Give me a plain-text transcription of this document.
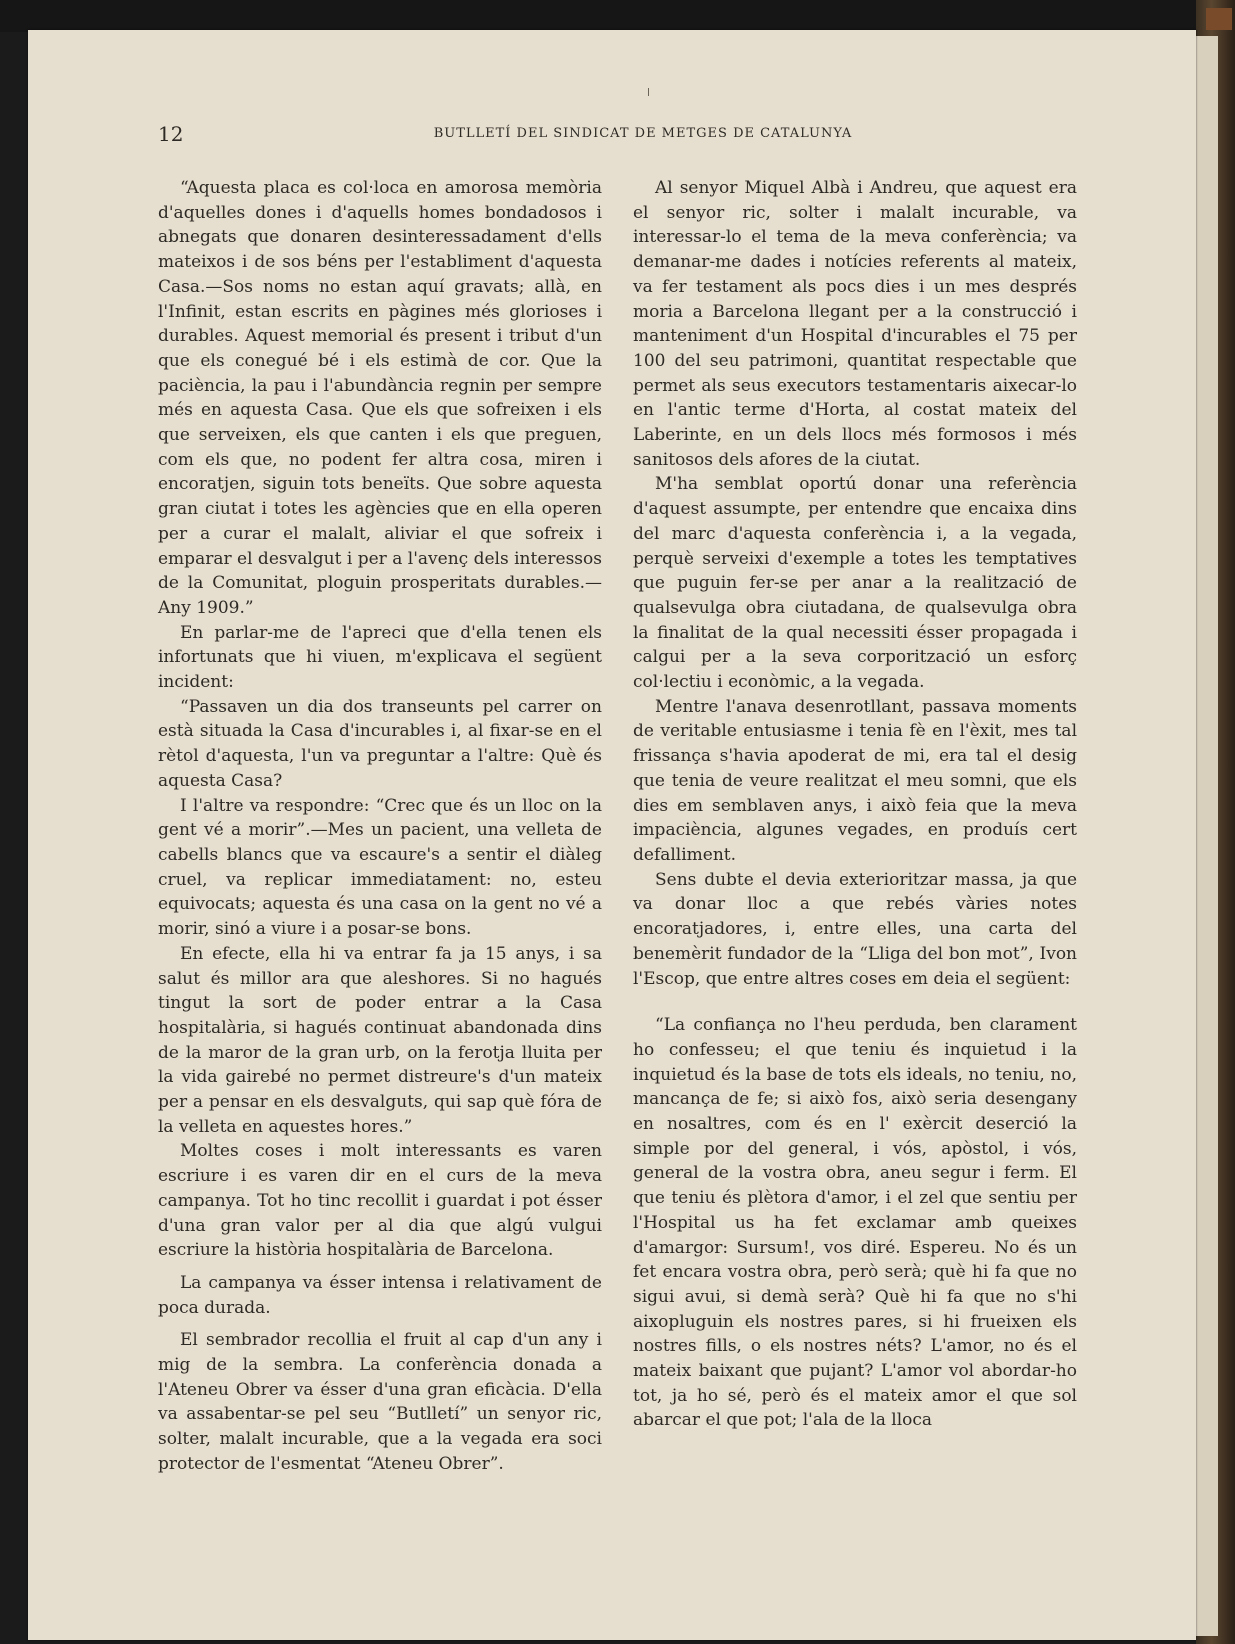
12	BUTLLETÍ DEL SINDICAT DE METGES DE CATALUNYA

“Aquesta placa es col·loca en amorosa memòria d'aquelles dones i d'aquells homes bondadosos i abnegats que donaren desinteressadament d'ells mateixos i de sos béns per l'establiment d'aquesta Casa.—Sos noms no estan aquí gravats; allà, en l'Infinit, estan escrits en pàgines més glorioses i durables. Aquest memorial és present i tribut d'un que els conegué bé i els estimà de cor. Que la paciència, la pau i l'abundància regnin per sempre més en aquesta Casa. Que els que sofreixen i els que serveixen, els que canten i els que preguen, com els que, no podent fer altra cosa, miren i encoratjen, siguin tots beneïts. Que sobre aquesta gran ciutat i totes les agències que en ella operen per a curar el malalt, aliviar el que sofreix i emparar el desvalgut i per a l'avenç dels interessos de la Comunitat, ploguin prosperitats durables.—Any 1909.”

En parlar-me de l'apreci que d'ella tenen els infortunats que hi viuen, m'explicava el següent incident:

“Passaven un dia dos transeunts pel carrer on està situada la Casa d'incurables i, al fixar-se en el rètol d'aquesta, l'un va preguntar a l'altre: Què és aquesta Casa?

I l'altre va respondre: “Crec que és un lloc on la gent vé a morir”.—Mes un pacient, una velleta de cabells blancs que va escaure's a sentir el diàleg cruel, va replicar immediatament: no, esteu equivocats; aquesta és una casa on la gent no vé a morir, sinó a viure i a posar-se bons.

En efecte, ella hi va entrar fa ja 15 anys, i sa salut és millor ara que aleshores. Si no hagués tingut la sort de poder entrar a la Casa hospitalària, si hagués continuat abandonada dins de la maror de la gran urb, on la ferotja lluita per la vida gairebé no permet distreure's d'un mateix per a pensar en els desvalguts, qui sap què fóra de la velleta en aquestes hores.”

Moltes coses i molt interessants es varen escriure i es varen dir en el curs de la meva campanya. Tot ho tinc recollit i guardat i pot ésser d'una gran valor per al dia que algú vulgui escriure la història hospitalària de Barcelona.

La campanya va ésser intensa i relativament de poca durada.

El sembrador recollia el fruit al cap d'un any i mig de la sembra. La conferència donada a l'Ateneu Obrer va ésser d'una gran eficàcia. D'ella va assabentar-se pel seu “Butlletí” un senyor ric, solter, malalt incurable, que a la vegada era soci protector de l'esmentat “Ateneu Obrer”.

Al senyor Miquel Albà i Andreu, que aquest era el senyor ric, solter i malalt incurable, va interessar-lo el tema de la meva conferència; va demanar-me dades i notícies referents al mateix, va fer testament als pocs dies i un mes després moria a Barcelona llegant per a la construcció i manteniment d'un Hospital d'incurables el 75 per 100 del seu patrimoni, quantitat respectable que permet als seus executors testamentaris aixecar-lo en l'antic terme d'Horta, al costat mateix del Laberinte, en un dels llocs més formosos i més sanitosos dels afores de la ciutat.

M'ha semblat oportú donar una referència d'aquest assumpte, per entendre que encaixa dins del marc d'aquesta conferència i, a la vegada, perquè serveixi d'exemple a totes les temptatives que puguin fer-se per anar a la realització de qualsevulga obra ciutadana, de qualsevulga obra la finalitat de la qual necessiti ésser propagada i calgui per a la seva corporització un esforç col·lectiu i econòmic, a la vegada.

Mentre l'anava desenrotllant, passava moments de veritable entusiasme i tenia fè en l'èxit, mes tal frissança s'havia apoderat de mi, era tal el desig que tenia de veure realitzat el meu somni, que els dies em semblaven anys, i això feia que la meva impaciència, algunes vegades, en produís cert defalliment.

Sens dubte el devia exterioritzar massa, ja que va donar lloc a que rebés vàries notes encoratjadores, i, entre elles, una carta del benemèrit fundador de la “Lliga del bon mot”, Ivon l'Escop, que entre altres coses em deia el següent:

“La confiança no l'heu perduda, ben clarament ho confesseu; el que teniu és inquietud i la inquietud és la base de tots els ideals, no teniu, no, mancança de fe; si això fos, això seria desengany en nosaltres, com és en l' exèrcit deserció la simple por del general, i vós, apòstol, i vós, general de la vostra obra, aneu segur i ferm. El que teniu és plètora d'amor, i el zel que sentiu per l'Hospital us ha fet exclamar amb queixes d'amargor: Sursum!, vos diré. Espereu. No és un fet encara vostra obra, però serà; què hi fa que no sigui avui, si demà serà? Què hi fa que no s'hi aixopluguin els nostres pares, si hi frueixen els nostres fills, o els nostres néts? L'amor, no és el mateix baixant que pujant? L'amor vol abordar-ho tot, ja ho sé, però és el mateix amor el que sol abarcar el que pot; l'ala de la lloca
